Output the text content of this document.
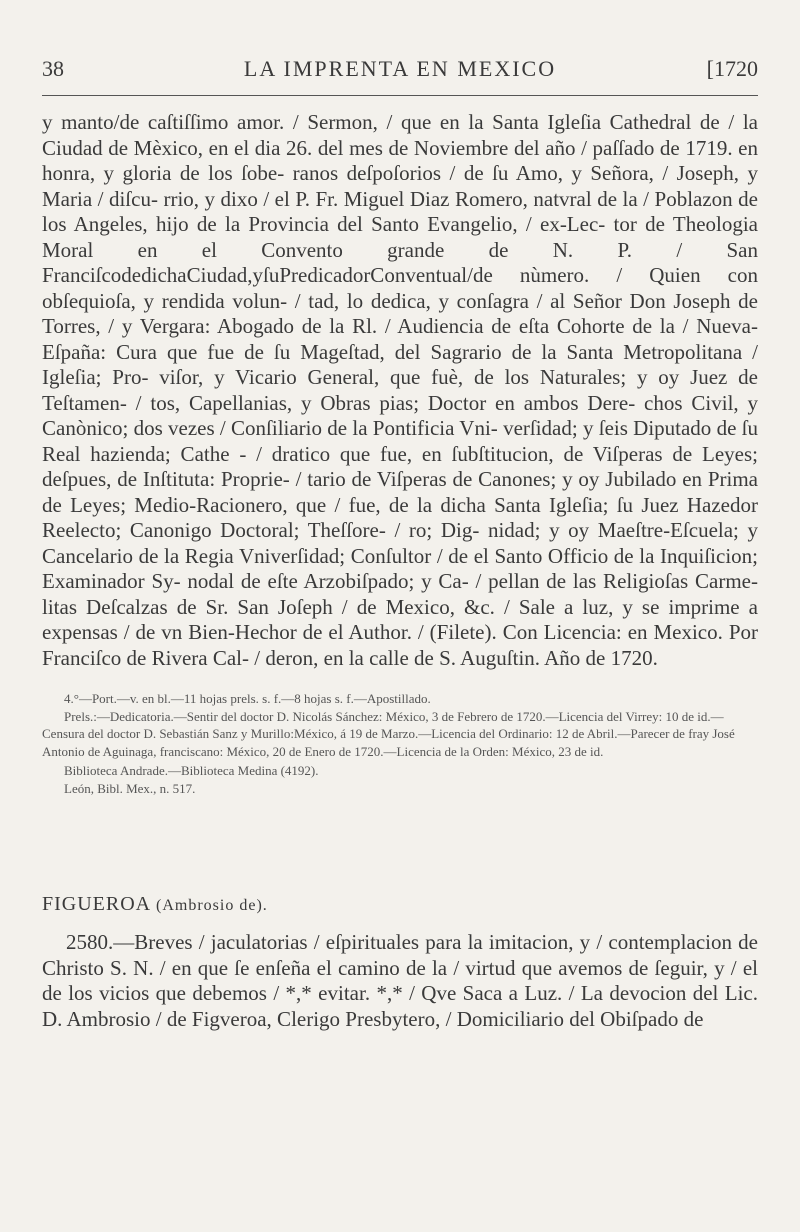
38	LA IMPRENTA EN MEXICO	[1720
y manto/de caſtiſſimo amor. / Sermon, / que en la Santa Igleſia Cathedral de / la Ciudad de Mèxico, en el dia 26. del mes de Noviembre del año / paſſado de 1719. en honra, y gloria de los ſobe- ranos deſpoſorios / de ſu Amo, y Señora, / Joseph, y Maria / diſcu- rrio, y dixo / el P. Fr. Miguel Diaz Romero, natvral de la / Poblazon de los Angeles, hijo de la Provincia del Santo Evangelio, / ex-Lec- tor de Theologia Moral en el Convento grande de N. P. / San FranciſcodedichaCiudad,yſuPredicadorConventual/de nùmero. / Quien con obſequioſa, y rendida volun- / tad, lo dedica, y conſagra / al Señor Don Joseph de Torres, / y Vergara: Abogado de la Rl. / Audiencia de eſta Cohorte de la / Nueva-Eſpaña: Cura que fue de ſu Mageſtad, del Sagrario de la Santa Metropolitana / Igleſia; Pro- viſor, y Vicario General, que fuè, de los Naturales; y oy Juez de Teſtamen- / tos, Capellanias, y Obras pias; Doctor en ambos Dere- chos Civil, y Canònico; dos vezes / Conſiliario de la Pontificia Vni- verſidad; y ſeis Diputado de ſu Real hazienda; Cathe - / dratico que fue, en ſubſtitucion, de Viſperas de Leyes; deſpues, de Inſtituta: Proprie- / tario de Viſperas de Canones; y oy Jubilado en Prima de Leyes; Medio-Racionero, que / fue, de la dicha Santa Igleſia; ſu Juez Hazedor Reelecto; Canonigo Doctoral; Theſſore- / ro; Dig- nidad; y oy Maeſtre-Eſcuela; y Cancelario de la Regia Vniverſidad; Conſultor / de el Santo Officio de la Inquiſicion; Examinador Sy- nodal de eſte Arzobiſpado; y Ca- / pellan de las Religioſas Carme- litas Deſcalzas de Sr. San Joſeph / de Mexico, &c. / Sale a luz, y se imprime a expensas / de vn Bien-Hechor de el Author. / (Filete). Con Licencia: en Mexico. Por Franciſco de Rivera Cal- / deron, en la calle de S. Auguſtin. Año de 1720.

4.°—Port.—v. en bl.—11 hojas prels. s. f.—8 hojas s. f.—Apostillado.

Prels.:—Dedicatoria.—Sentir del doctor D. Nicolás Sánchez: México, 3 de Febrero de 1720.—Licencia del Virrey: 10 de id.—Censura del doctor D. Sebastián Sanz y Murillo:México, á 19 de Marzo.—Licencia del Ordinario: 12 de Abril.—Parecer de fray José Antonio de Aguinaga, franciscano: México, 20 de Enero de 1720.—Licencia de la Orden: México, 23 de id.

Biblioteca Andrade.—Biblioteca Medina (4192).

León, Bibl. Mex., n. 517.

FIGUEROA (Ambrosio de).
2580.—Breves / jaculatorias / eſpirituales para la imitacion, y / contemplacion de Christo S. N. / en que ſe enſeña el camino de la / virtud que avemos de ſeguir, y / el de los vicios que debemos / *,* evitar. *,* / Qve Saca a Luz. / La devocion del Lic. D. Ambrosio / de Figveroa, Clerigo Presbytero, / Domiciliario del Obiſpado de
